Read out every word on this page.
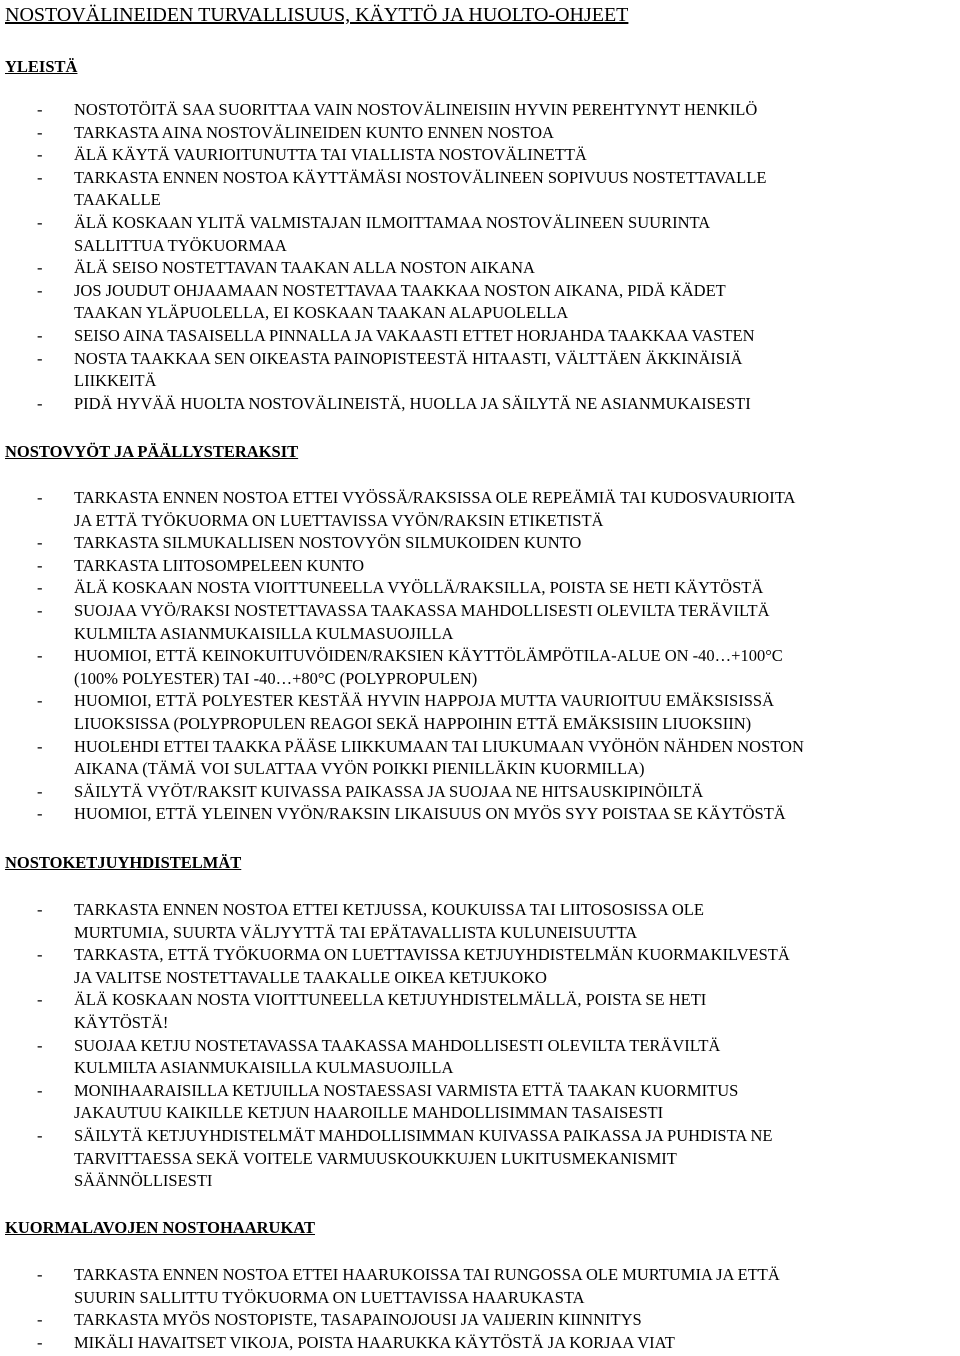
NOSTOVÄLINEIDEN TURVALLISUUS, KÄYTTÖ JA HUOLTO-OHJEET
YLEISTÄ
- NOSTOTÖITÄ SAA SUORITTAA VAIN NOSTOVÄLINEISIIN HYVIN PEREHTYNYT HENKILÖ
- TARKASTA AINA NOSTOVÄLINEIDEN KUNTO ENNEN NOSTOA
- ÄLÄ KÄYTÄ VAURIOITUNUTTA TAI VIALLISTA NOSTOVÄLINETTÄ
- TARKASTA ENNEN NOSTOA KÄYTTÄMÄSI NOSTOVÄLINEEN SOPIVUUS NOSTETTAVALLE
TAAKALLE
- ÄLÄ KOSKAAN YLITÄ VALMISTAJAN ILMOITTAMAA NOSTOVÄLINEEN SUURINTA
SALLITTUA TYÖKUORMAA
- ÄLÄ SEISO NOSTETTAVAN TAAKAN ALLA NOSTON AIKANA
- JOS JOUDUT OHJAAMAAN NOSTETTAVAA TAAKKAA NOSTON AIKANA, PIDÄ KÄDET
TAAKAN YLÄPUOLELLA, EI KOSKAAN TAAKAN ALAPUOLELLA
- SEISO AINA TASAISELLA PINNALLA JA VAKAASTI ETTET HORJAHDA TAAKKAA VASTEN
- NOSTA TAAKKAA SEN OIKEASTA PAINOPISTEESTÄ HITAASTI, VÄLTTÄEN ÄKKINÄISIÄ
LIIKKEITÄ
- PIDÄ HYVÄÄ HUOLTA NOSTOVÄLINEISTÄ, HUOLLA JA SÄILYTÄ NE ASIANMUKAISESTI
NOSTOVYÖT JA PÄÄLLYSTERAKSIT
- TARKASTA ENNEN NOSTOA ETTEI VYÖSSÄ/RAKSISSA OLE REPEÄMIÄ TAI KUDOSVAURIOITA
JA ETTÄ TYÖKUORMA ON LUETTAVISSA VYÖN/RAKSIN ETIKETISTÄ
- TARKASTA SILMUKALLISEN NOSTOVYÖN SILMUKOIDEN KUNTO
- TARKASTA LIITOSOMPELEEN KUNTO
- ÄLÄ KOSKAAN NOSTA VIOITTUNEELLA VYÖLLÄ/RAKSILLA, POISTA SE HETI KÄYTÖSTÄ
- SUOJAA VYÖ/RAKSI NOSTETTAVASSA TAAKASSA MAHDOLLISESTI OLEVILTA TERÄVILTÄ
KULMILTA ASIANMUKAISILLA KULMASUOJILLA
- HUOMIOI, ETTÄ KEINOKUITUVÖIDEN/RAKSIEN KÄYTTÖLÄMPÖTILA-ALUE ON -40…+100°C
(100% POLYESTER) TAI -40…+80°C (POLYPROPULEN)
- HUOMIOI, ETTÄ POLYESTER KESTÄÄ HYVIN HAPPOJA MUTTA VAURIOITUU EMÄKSISISSÄ
LIUOKSISSA (POLYPROPULEN REAGOI SEKÄ HAPPOIHIN ETTÄ EMÄKSISIIN LIUOKSIIN)
- HUOLEHDI ETTEI TAAKKA PÄÄSE LIIKKUMAAN TAI LIUKUMAAN VYÖHÖN NÄHDEN NOSTON
AIKANA (TÄMÄ VOI SULATTAA VYÖN POIKKI PIENILLÄKIN KUORMILLA)
- SÄILYTÄ VYÖT/RAKSIT KUIVASSA PAIKASSA JA SUOJAA NE HITSAUSKIPINÖILTÄ
- HUOMIOI, ETTÄ YLEINEN VYÖN/RAKSIN LIKAISUUS ON MYÖS SYY POISTAA SE KÄYTÖSTÄ
NOSTOKETJUYHDISTELMÄT
- TARKASTA ENNEN NOSTOA ETTEI KETJUSSA, KOUKUISSA TAI LIITOSOSISSA OLE
MURTUMIA, SUURTA VÄLJYYTTÄ TAI EPÄTAVALLISTA KULUNEISUUTTA
- TARKASTA, ETTÄ TYÖKUORMA ON LUETTAVISSA KETJUYHDISTELMÄN KUORMAKILVESTÄ
JA VALITSE NOSTETTAVALLE TAAKALLE OIKEA KETJUKOKO
- ÄLÄ KOSKAAN NOSTA VIOITTUNEELLA KETJUYHDISTELMÄLLÄ, POISTA SE HETI
KÄYTÖSTÄ!
- SUOJAA KETJU NOSTETAVASSA TAAKASSA MAHDOLLISESTI OLEVILTA TERÄVILTÄ
KULMILTA ASIANMUKAISILLA KULMASUOJILLA
- MONIHAARAISILLA KETJUILLA NOSTAESSASI VARMISTA ETTÄ TAAKAN KUORMITUS
JAKAUTUU KAIKILLE KETJUN HAAROILLE MAHDOLLISIMMAN TASAISESTI
- SÄILYTÄ KETJUYHDISTELMÄT MAHDOLLISIMMAN KUIVASSA PAIKASSA JA PUHDISTA NE
TARVITTAESSA SEKÄ VOITELE VARMUUSKOUKKUJEN LUKITUSMEKANISMIT
SÄÄNNÖLLISESTI
KUORMALAVOJEN NOSTOHAARUKAT
- TARKASTA ENNEN NOSTOA ETTEI HAARUKOISSA TAI RUNGOSSA OLE MURTUMIA JA ETTÄ
SUURIN SALLITTU TYÖKUORMA ON LUETTAVISSA HAARUKASTA
- TARKASTA MYÖS NOSTOPISTE, TASAPAINOJOUSI JA VAIJERIN KIINNITYS
- MIKÄLI HAVAITSET VIKOJA, POISTA HAARUKKA KÄYTÖSTÄ JA KORJAA VIAT
